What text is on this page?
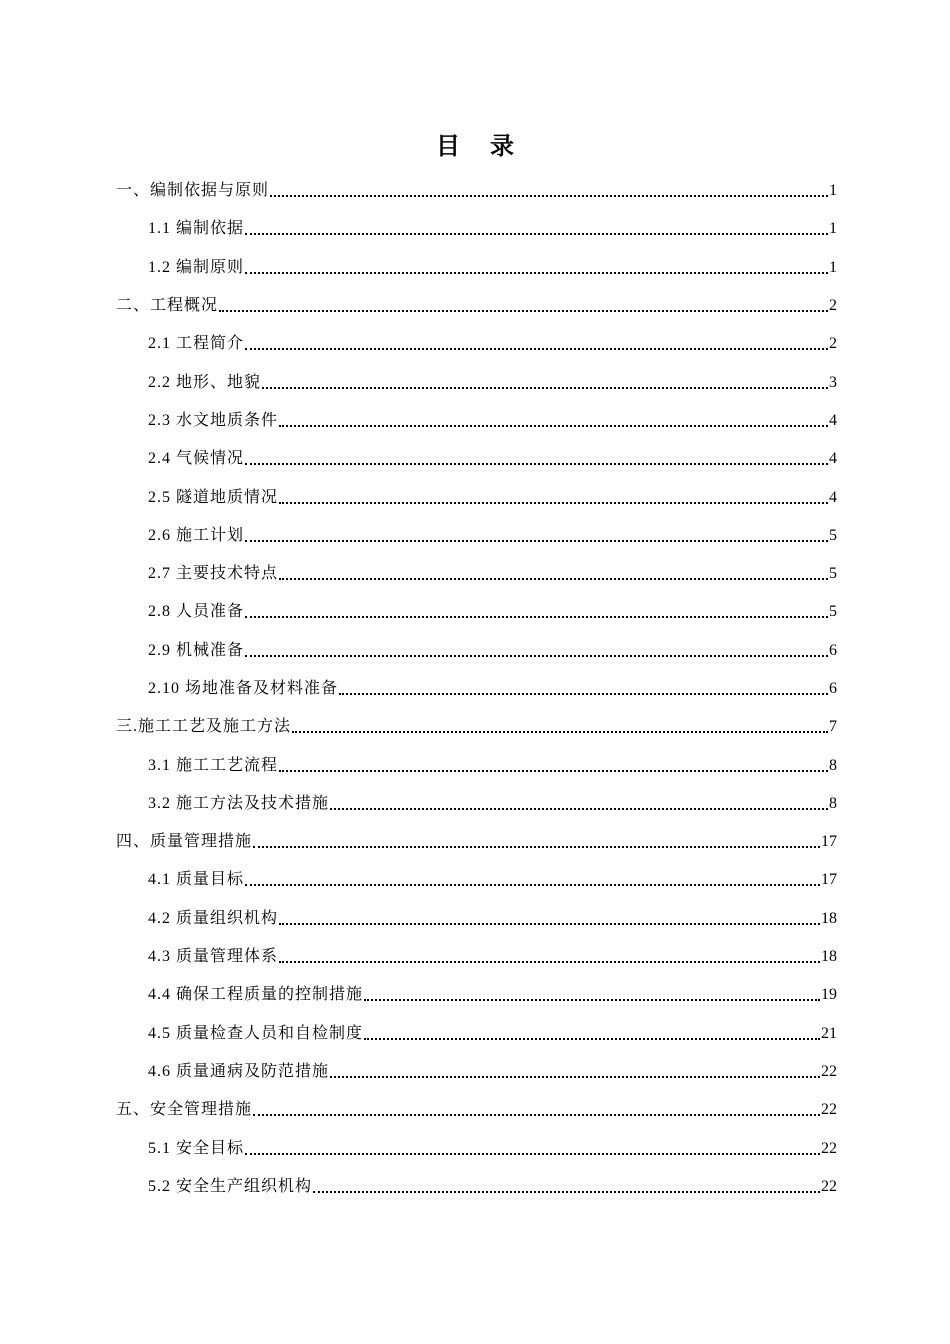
目 录
一、编制依据与原则	1
1.1 编制依据	1
1.2 编制原则	1
二、工程概况	2
2.1 工程简介	2
2.2 地形、地貌	3
2.3 水文地质条件	4
2.4 气候情况	4
2.5 隧道地质情况	4
2.6 施工计划	5
2.7 主要技术特点	5
2.8 人员准备	5
2.9 机械准备	6
2.10 场地准备及材料准备	6
三.施工工艺及施工方法	7
3.1 施工工艺流程	8
3.2 施工方法及技术措施	8
四、质量管理措施	17
4.1 质量目标	17
4.2 质量组织机构	18
4.3 质量管理体系	18
4.4 确保工程质量的控制措施	19
4.5 质量检查人员和自检制度	21
4.6 质量通病及防范措施	22
五、安全管理措施	22
5.1 安全目标	22
5.2 安全生产组织机构	22
